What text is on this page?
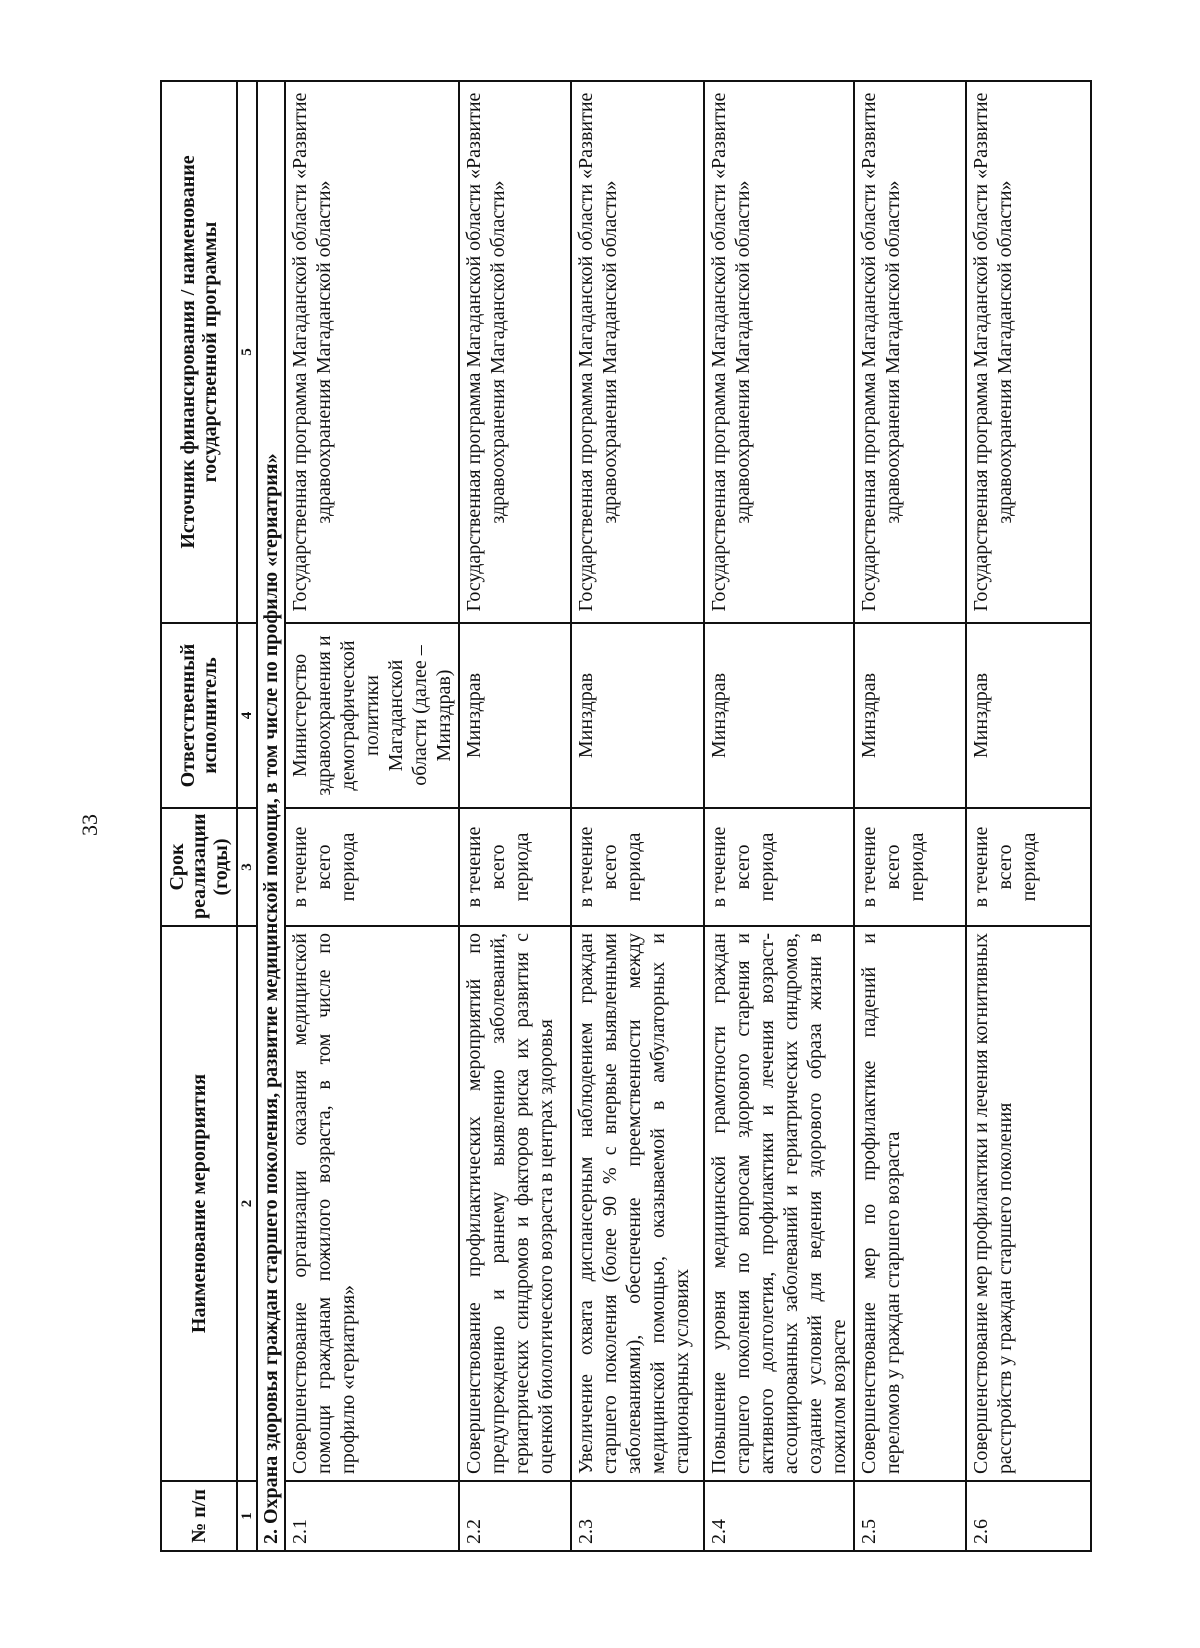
33
№ п/п	Наименование мероприятия	Срок реализации (годы)	Ответственный исполнитель	Источник финансирования / наименование государственной программы
1	2	3	4	5
2. Охрана здоровья граждан старшего поколения, развитие медицинской помощи, в том числе по профилю «гериатрия»				
2.1	Совершенствование организации оказания медицинской помощи гражданам пожилого возраста, в том числе по профилю «гериатрия»	в течение всего периода	Министерство здравоохранения и демографической политики Магаданской области (далее – Минздрав)	Государственная программа Магаданской области «Развитие здравоохранения Магаданской области»
2.2	Совершенствование профилактических мероприятий по предупреждению и раннему выявлению заболеваний, гериатрических синдромов и факторов риска их развития с оценкой биологического возраста в центрах здоровья	в течение всего периода	Минздрав	Государственная программа Магаданской области «Развитие здравоохранения Магаданской области»
2.3	Увеличение охвата диспансерным наблюдением граждан старшего поколения (более 90 % с впервые выявленными заболеваниями), обеспечение преемственности между медицинской помощью, оказываемой в амбулаторных и стационарных условиях	в течение всего периода	Минздрав	Государственная программа Магаданской области «Развитие здравоохранения Магаданской области»
2.4	Повышение уровня медицинской грамотности граждан старшего поколения по вопросам здорового старения и активного долголетия, профилактики и лечения возраст-ассоциированных заболеваний и гериатрических синдромов, создание условий для ведения здорового образа жизни в пожилом возрасте	в течение всего периода	Минздрав	Государственная программа Магаданской области «Развитие здравоохранения Магаданской области»
2.5	Совершенствование мер по профилактике падений и переломов у граждан старшего возраста	в течение всего периода	Минздрав	Государственная программа Магаданской области «Развитие здравоохранения Магаданской области»
2.6	Совершенствование мер профилактики и лечения когнитивных расстройств у граждан старшего поколения	в течение всего периода	Минздрав	Государственная программа Магаданской области «Развитие здравоохранения Магаданской области»
